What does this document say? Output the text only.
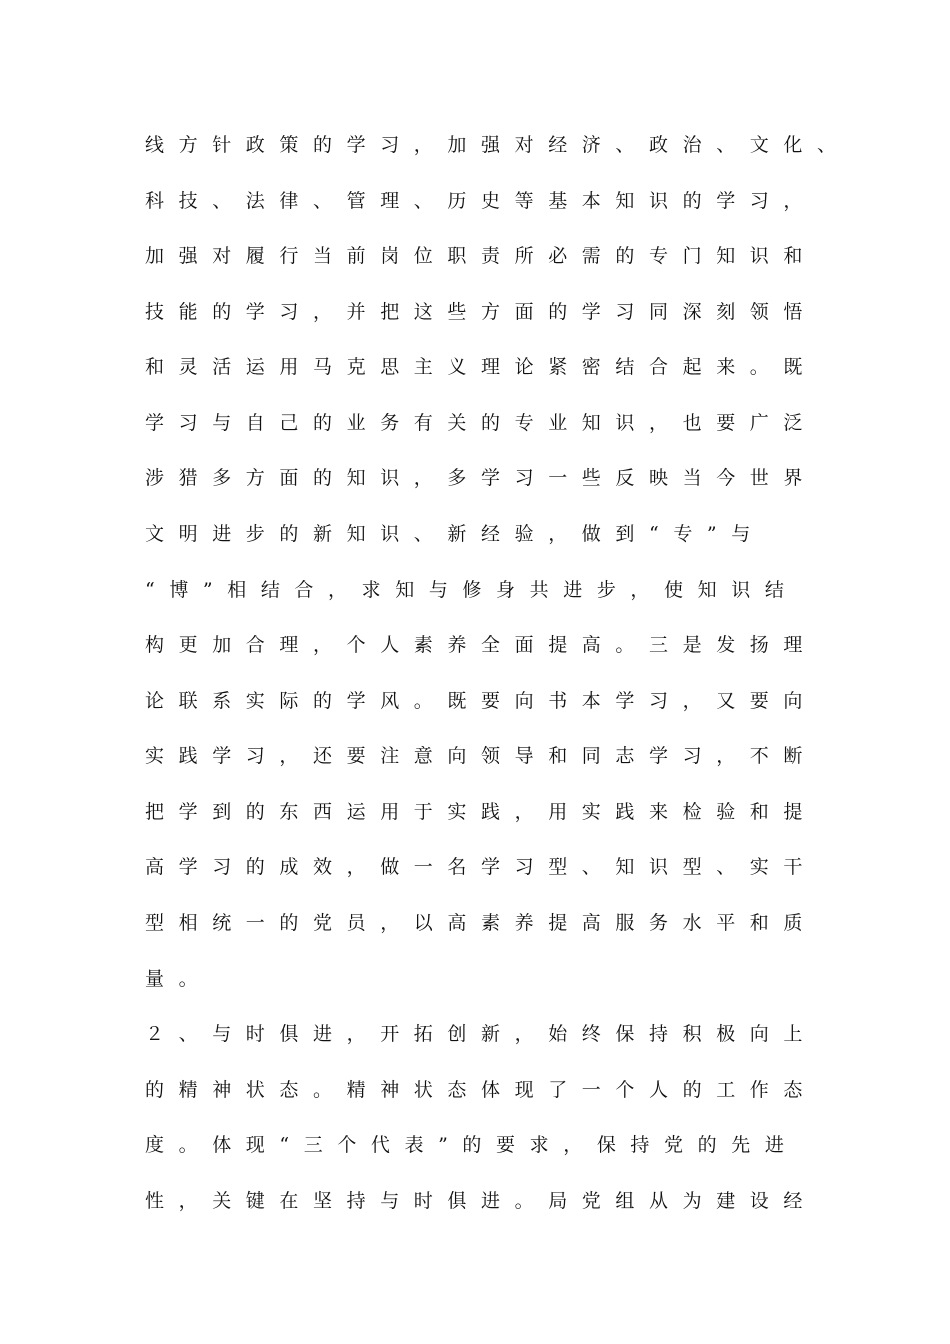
线方针政策的学习，加强对经济、政治、文化、
科技、法律、管理、历史等基本知识的学习，
加强对履行当前岗位职责所必需的专门知识和
技能的学习，并把这些方面的学习同深刻领悟
和灵活运用马克思主义理论紧密结合起来。既
学习与自己的业务有关的专业知识，也要广泛
涉猎多方面的知识，多学习一些反映当今世界
文明进步的新知识、新经验，做到“专”与
“博”相结合，求知与修身共进步，使知识结
构更加合理，个人素养全面提高。三是发扬理
论联系实际的学风。既要向书本学习，又要向
实践学习，还要注意向领导和同志学习，不断
把学到的东西运用于实践，用实践来检验和提
高学习的成效，做一名学习型、知识型、实干
型相统一的党员，以高素养提高服务水平和质
量。
２、与时俱进，开拓创新，始终保持积极向上
的精神状态。精神状态体现了一个人的工作态
度。体现“三个代表”的要求，保持党的先进
性，关键在坚持与时俱进。局党组从为建设经
